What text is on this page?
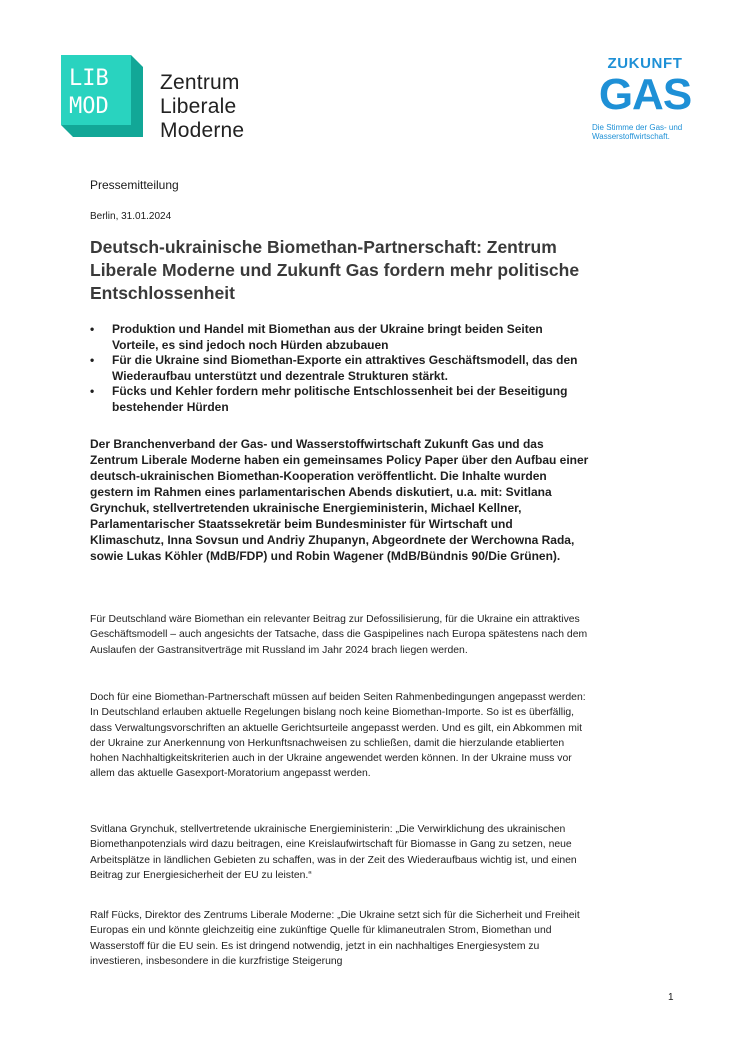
LIB
MOD
Zentrum
Liberale
Moderne
ZUKUNFT
GAS
Die Stimme der Gas- und
Wasserstoffwirtschaft.
Pressemitteilung
Berlin, 31.01.2024
Deutsch-ukrainische Biomethan-Partnerschaft: Zentrum Liberale Moderne und Zukunft Gas fordern mehr politische Entschlossenheit
• Produktion und Handel mit Biomethan aus der Ukraine bringt beiden Seiten Vorteile, es sind jedoch noch Hürden abzubauen
• Für die Ukraine sind Biomethan-Exporte ein attraktives Geschäftsmodell, das den Wiederaufbau unterstützt und dezentrale Strukturen stärkt.
• Fücks und Kehler fordern mehr politische Entschlossenheit bei der Beseitigung bestehender Hürden
Der Branchenverband der Gas- und Wasserstoffwirtschaft Zukunft Gas und das Zentrum Liberale Moderne haben ein gemeinsames Policy Paper über den Aufbau einer deutsch-ukrainischen Biomethan-Kooperation veröffentlicht. Die Inhalte wurden gestern im Rahmen eines parlamentarischen Abends diskutiert, u.a. mit: Svitlana Grynchuk, stellvertretenden ukrainische Energieministerin, Michael Kellner, Parlamentarischer Staatssekretär beim Bundesminister für Wirtschaft und Klimaschutz, Inna Sovsun und Andriy Zhupanyn, Abgeordnete der Werchowna Rada, sowie Lukas Köhler (MdB/FDP) und Robin Wagener (MdB/Bündnis 90/Die Grünen).
Für Deutschland wäre Biomethan ein relevanter Beitrag zur Defossilisierung, für die Ukraine ein attraktives Geschäftsmodell – auch angesichts der Tatsache, dass die Gaspipelines nach Europa spätestens nach dem Auslaufen der Gastransitverträge mit Russland im Jahr 2024 brach liegen werden.
Doch für eine Biomethan-Partnerschaft müssen auf beiden Seiten Rahmenbedingungen angepasst werden: In Deutschland erlauben aktuelle Regelungen bislang noch keine Biomethan-Importe. So ist es überfällig, dass Verwaltungsvorschriften an aktuelle Gerichtsurteile angepasst werden. Und es gilt, ein Abkommen mit der Ukraine zur Anerkennung von Herkunftsnachweisen zu schließen, damit die hierzulande etablierten hohen Nachhaltigkeitskriterien auch in der Ukraine angewendet werden können. In der Ukraine muss vor allem das aktuelle Gasexport-Moratorium angepasst werden.
Svitlana Grynchuk, stellvertretende ukrainische Energieministerin: „Die Verwirklichung des ukrainischen Biomethanpotenzials wird dazu beitragen, eine Kreislaufwirtschaft für Biomasse in Gang zu setzen, neue Arbeitsplätze in ländlichen Gebieten zu schaffen, was in der Zeit des Wiederaufbaus wichtig ist, und einen Beitrag zur Energiesicherheit der EU zu leisten.“
Ralf Fücks, Direktor des Zentrums Liberale Moderne: „Die Ukraine setzt sich für die Sicherheit und Freiheit Europas ein und könnte gleichzeitig eine zukünftige Quelle für klimaneutralen Strom, Biomethan und Wasserstoff für die EU sein. Es ist dringend notwendig, jetzt in ein nachhaltiges Energiesystem zu investieren, insbesondere in die kurzfristige Steigerung
1
